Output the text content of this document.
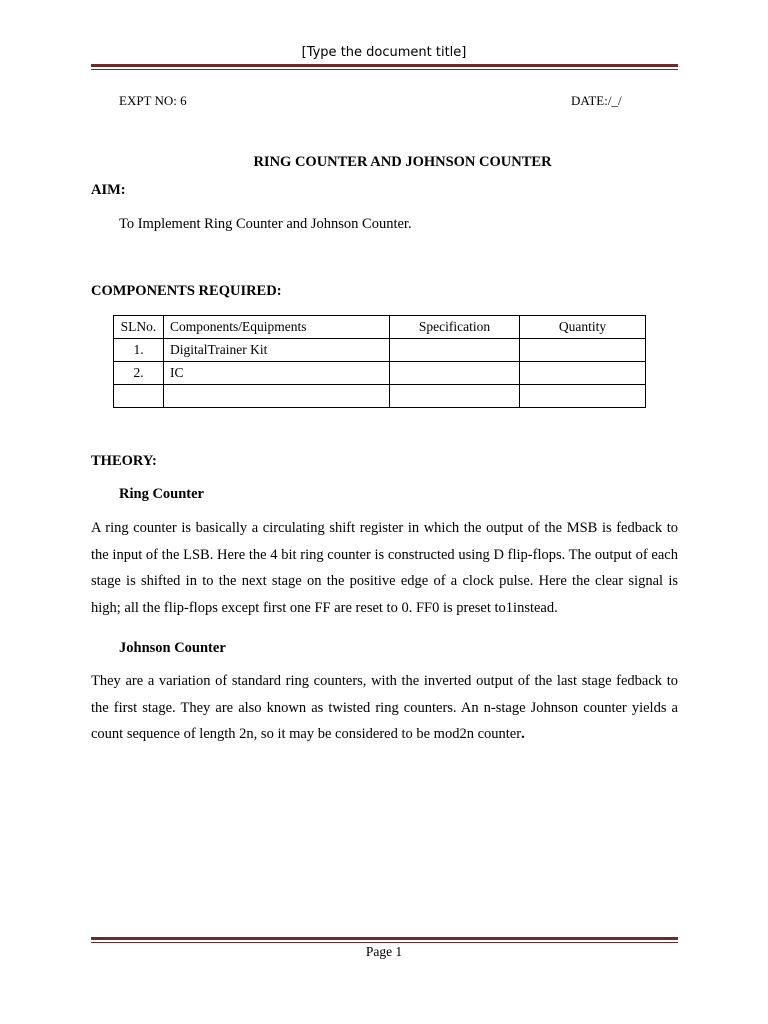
[Type the document title]
EXPT NO: 6	DATE:/_/
RING COUNTER AND JOHNSON COUNTER
AIM:
To Implement Ring Counter and Johnson Counter.
COMPONENTS REQUIRED:
SLNo.	Components/Equipments	Specification	Quantity
1.	DigitalTrainer Kit		
2.	IC		

THEORY:
Ring Counter
A ring counter is basically a circulating shift register in which the output of the MSB is fedback to the input of the LSB. Here the 4 bit ring counter is constructed using D flip-flops. The output of each stage is shifted in to the next stage on the positive edge of a clock pulse. Here the clear signal is high; all the flip-flops except first one FF are reset to 0. FF0 is preset to1instead.
Johnson Counter
They are a variation of standard ring counters, with the inverted output of the last stage fedback to the first stage. They are also known as twisted ring counters. An n-stage Johnson counter yields a count sequence of length 2n, so it may be considered to be mod2n counter.
Page 1
